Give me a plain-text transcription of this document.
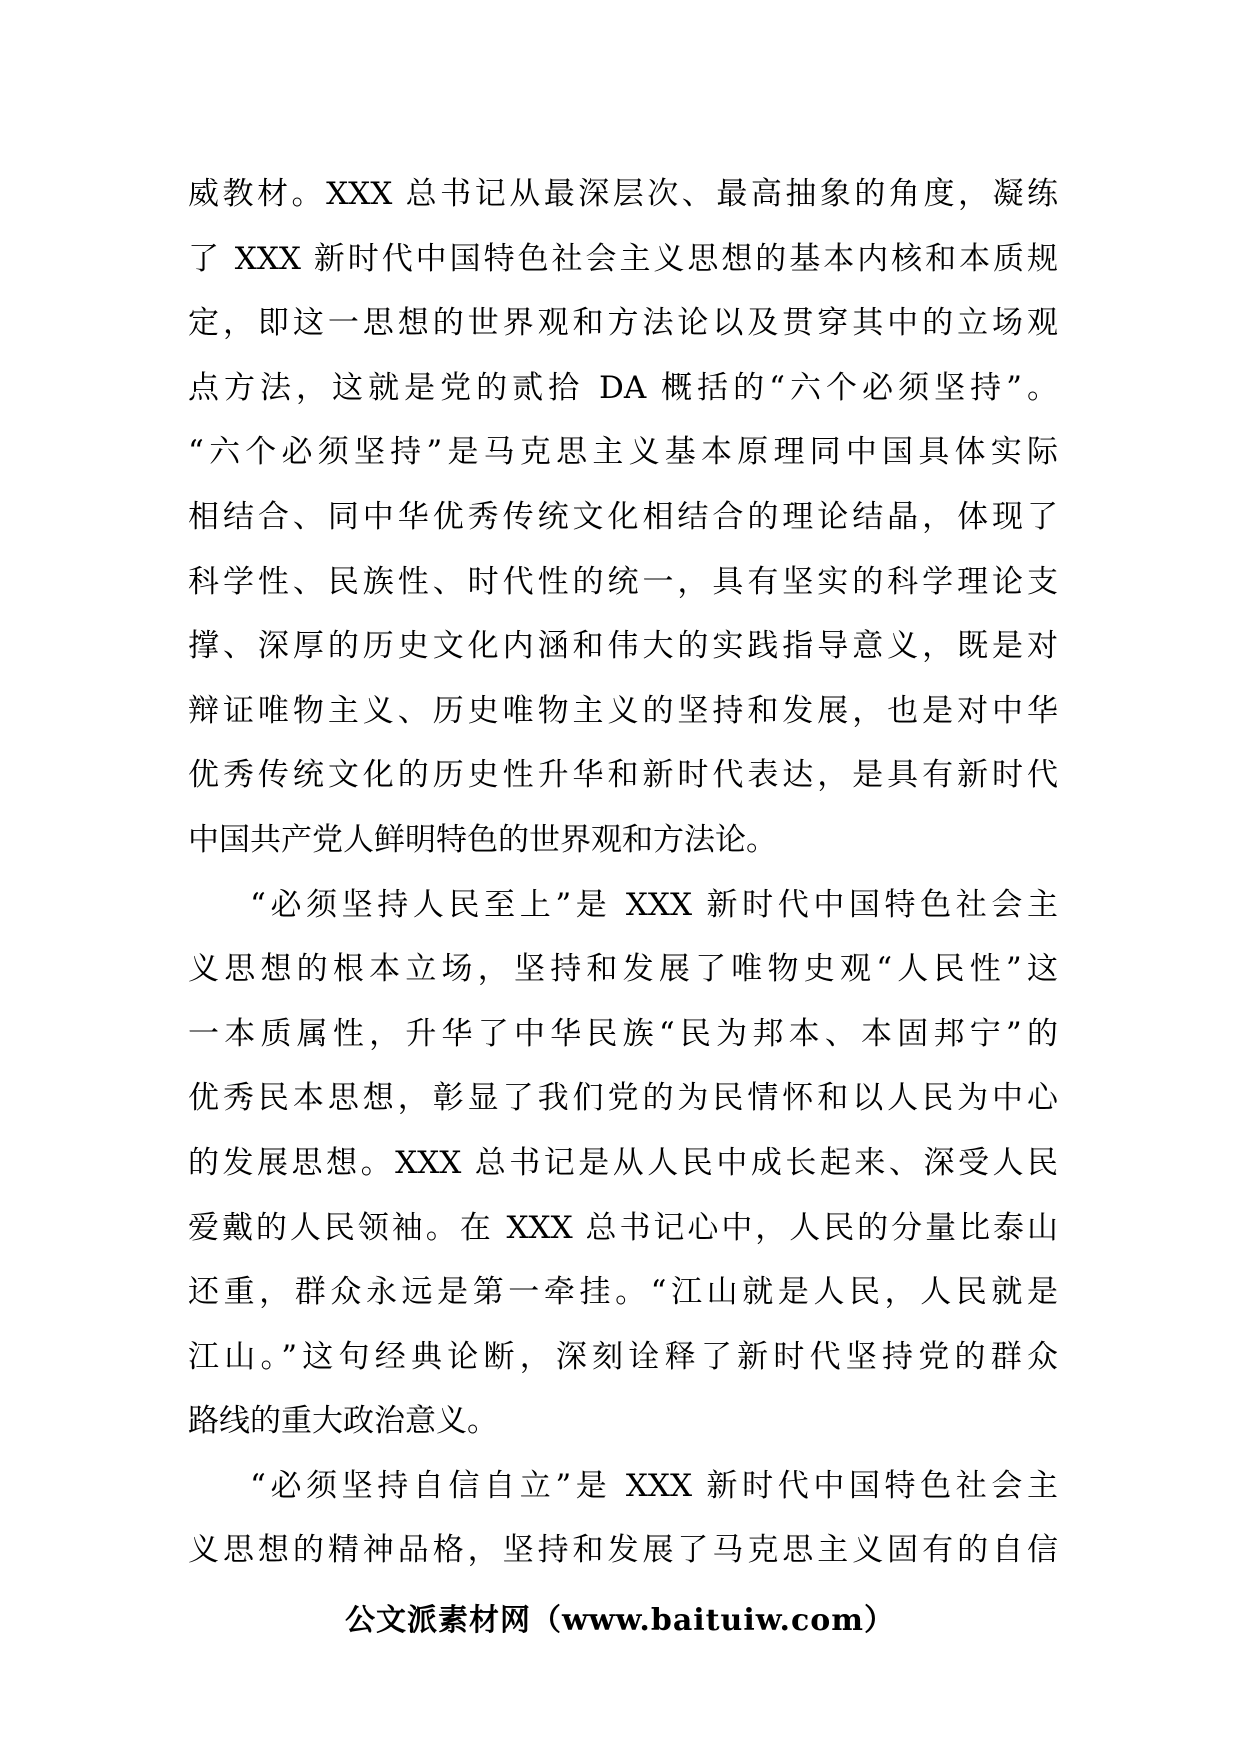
威教材。XXX 总书记从最深层次、最高抽象的角度，凝练
了 XXX 新时代中国特色社会主义思想的基本内核和本质规
定，即这一思想的世界观和方法论以及贯穿其中的立场观
点方法，这就是党的贰拾 DA 概括的“六个必须坚持”。
“六个必须坚持”是马克思主义基本原理同中国具体实际
相结合、同中华优秀传统文化相结合的理论结晶，体现了
科学性、民族性、时代性的统一，具有坚实的科学理论支
撑、深厚的历史文化内涵和伟大的实践指导意义，既是对
辩证唯物主义、历史唯物主义的坚持和发展，也是对中华
优秀传统文化的历史性升华和新时代表达，是具有新时代
中国共产党人鲜明特色的世界观和方法论。
“必须坚持人民至上”是 XXX 新时代中国特色社会主
义思想的根本立场，坚持和发展了唯物史观“人民性”这
一本质属性，升华了中华民族“民为邦本、本固邦宁”的
优秀民本思想，彰显了我们党的为民情怀和以人民为中心
的发展思想。XXX 总书记是从人民中成长起来、深受人民
爱戴的人民领袖。在 XXX 总书记心中，人民的分量比泰山
还重，群众永远是第一牵挂。“江山就是人民，人民就是
江山。”这句经典论断，深刻诠释了新时代坚持党的群众
路线的重大政治意义。
“必须坚持自信自立”是 XXX 新时代中国特色社会主
义思想的精神品格，坚持和发展了马克思主义固有的自信
公文派素材网（www.baituiw.com）
